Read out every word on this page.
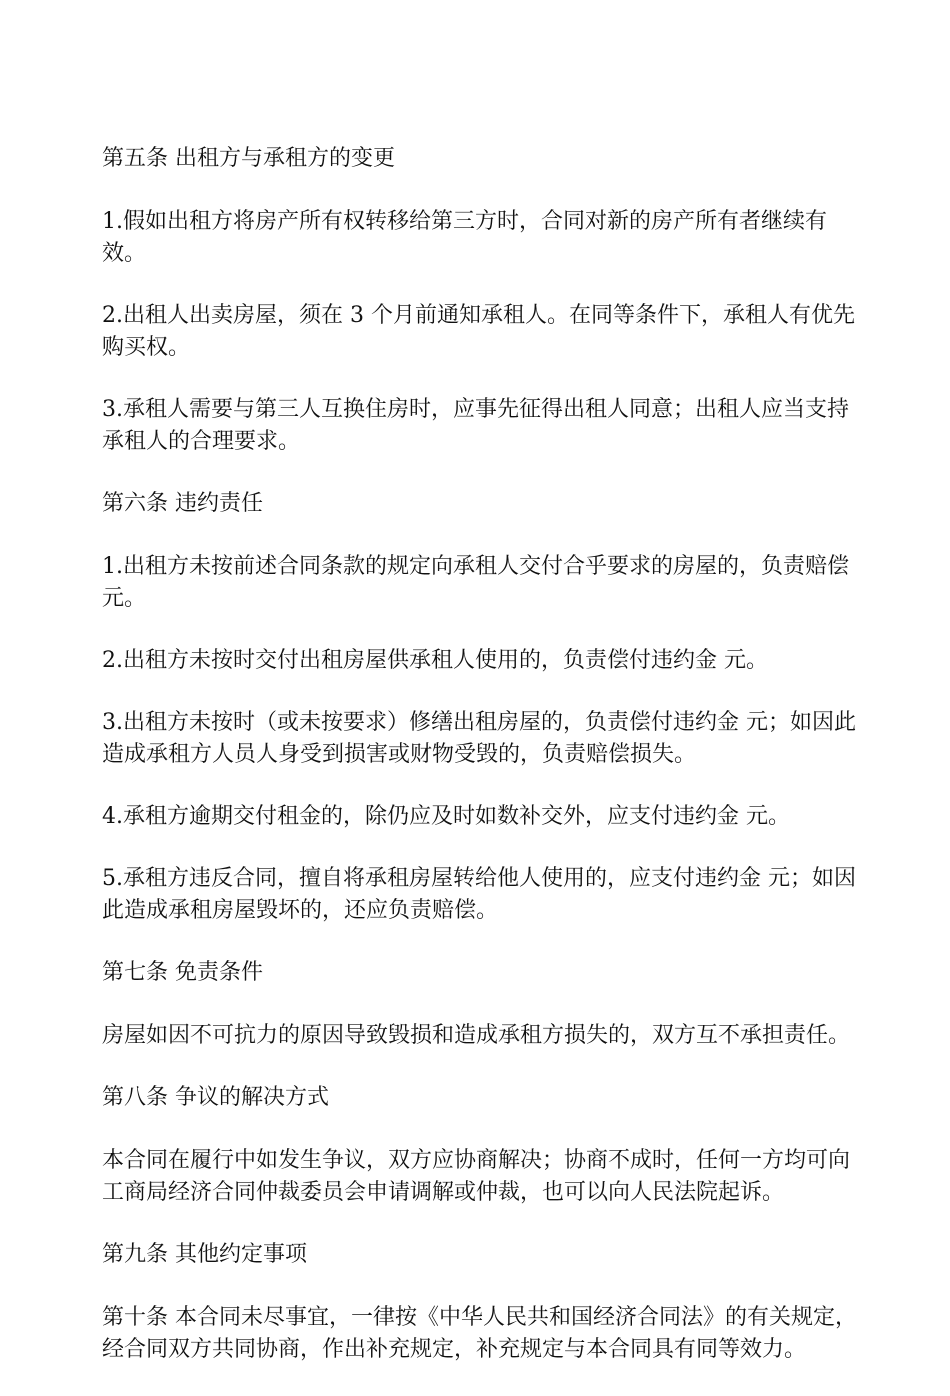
第五条 出租方与承租方的变更

1.假如出租方将房产所有权转移给第三方时，合同对新的房产所有者继续有效。

2.出租人出卖房屋，须在 3 个月前通知承租人。在同等条件下，承租人有优先购买权。

3.承租人需要与第三人互换住房时，应事先征得出租人同意；出租人应当支持承租人的合理要求。

第六条 违约责任

1.出租方未按前述合同条款的规定向承租人交付合乎要求的房屋的，负责赔偿 元。

2.出租方未按时交付出租房屋供承租人使用的，负责偿付违约金 元。

3.出租方未按时（或未按要求）修缮出租房屋的，负责偿付违约金 元；如因此造成承租方人员人身受到损害或财物受毁的，负责赔偿损失。

4.承租方逾期交付租金的，除仍应及时如数补交外，应支付违约金 元。

5.承租方违反合同，擅自将承租房屋转给他人使用的，应支付违约金 元；如因此造成承租房屋毁坏的，还应负责赔偿。

第七条 免责条件

房屋如因不可抗力的原因导致毁损和造成承租方损失的，双方互不承担责任。

第八条 争议的解决方式

本合同在履行中如发生争议，双方应协商解决；协商不成时，任何一方均可向工商局经济合同仲裁委员会申请调解或仲裁，也可以向人民法院起诉。

第九条 其他约定事项

第十条 本合同未尽事宜，一律按《中华人民共和国经济合同法》的有关规定，经合同双方共同协商，作出补充规定，补充规定与本合同具有同等效力。
